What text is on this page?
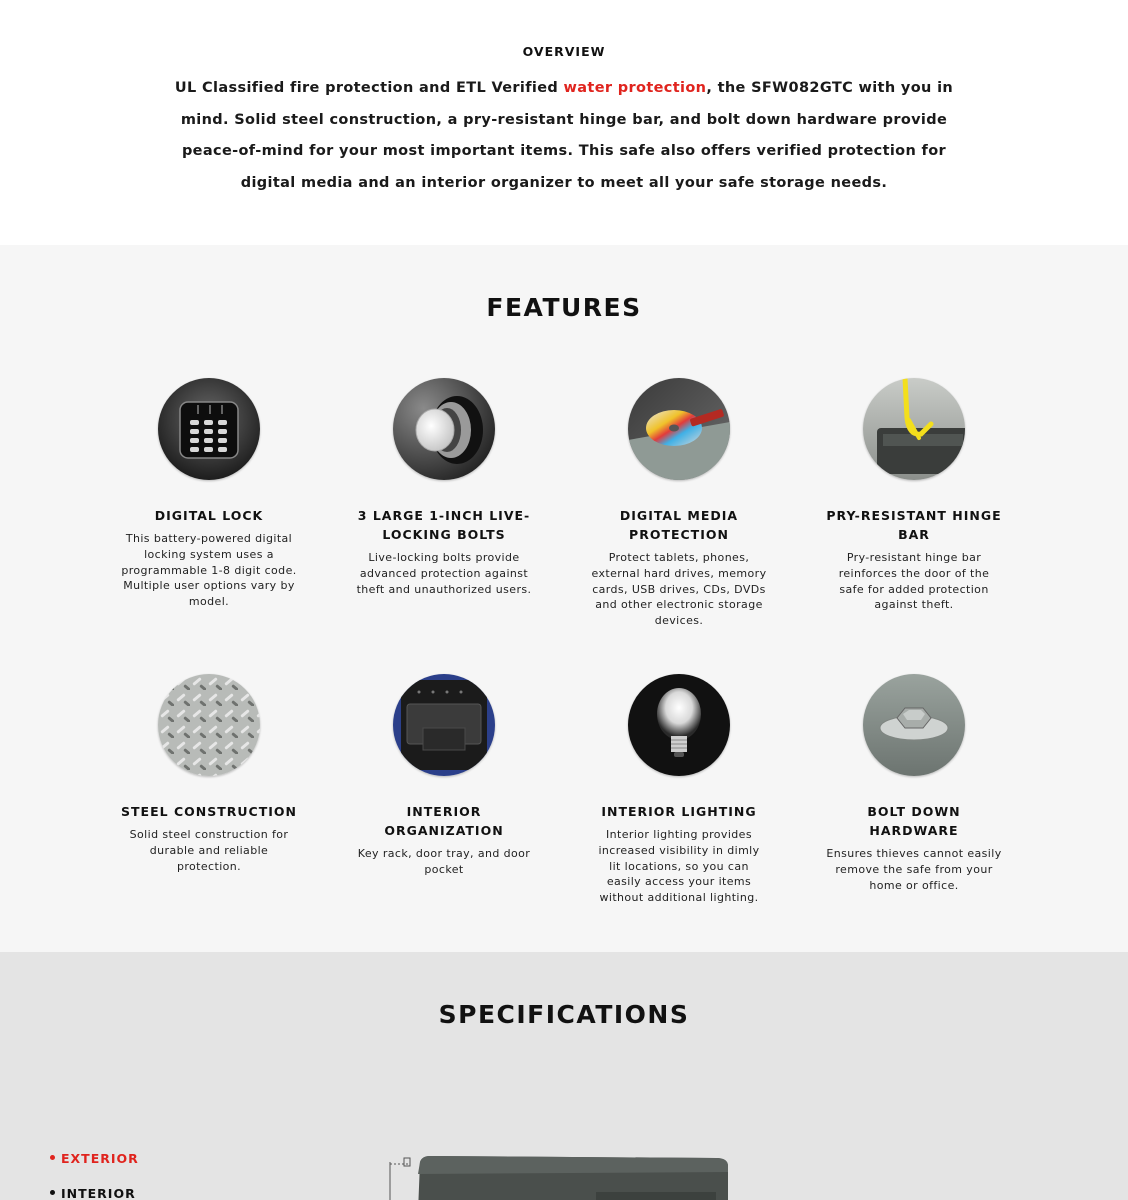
OVERVIEW

UL Classified fire protection and ETL Verified water protection, the SFW082GTC with you in mind. Solid steel construction, a pry-resistant hinge bar, and bolt down hardware provide peace-of-mind for your most important items. This safe also offers verified protection for digital media and an interior organizer to meet all your safe storage needs.

FEATURES
DIGITAL LOCK

This battery-powered digital locking system uses a programmable 1-8 digit code. Multiple user options vary by model.

3 LARGE 1-INCH LIVE-LOCKING BOLTS

Live-locking bolts provide advanced protection against theft and unauthorized users.

DIGITAL MEDIA PROTECTION

Protect tablets, phones, external hard drives, memory cards, USB drives, CDs, DVDs and other electronic storage devices.

PRY-RESISTANT HINGE BAR

Pry-resistant hinge bar reinforces the door of the safe for added protection against theft.

STEEL CONSTRUCTION

Solid steel construction for durable and reliable protection.

INTERIOR ORGANIZATION

Key rack, door tray, and door pocket

INTERIOR LIGHTING

Interior lighting provides increased visibility in dimly lit locations, so you can easily access your items without additional lighting.

BOLT DOWN HARDWARE

Ensures thieves cannot easily remove the safe from your home or office.

SPECIFICATIONS
EXTERIOR
INTERIOR
